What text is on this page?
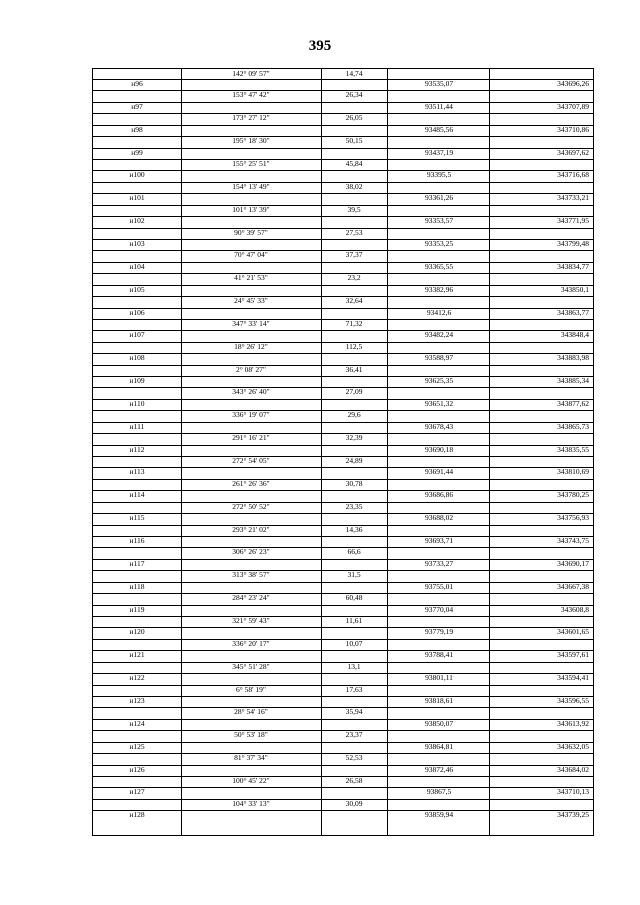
395
142° 09' 57"	14,74
н96	93535,07	343696,26
153° 47' 42"	26,34
н97	93511,44	343707,89
173° 27' 12"	26,05
н98	93485,56	343710,86
195° 18' 30"	50,15
н99	93437,19	343697,62
155° 25' 51"	45,84
н100	93395,5	343716,68
154° 13' 49"	38,02
н101	93361,26	343733,21
101° 13' 39"	39,5
н102	93353,57	343771,95
90° 39' 57"	27,53
н103	93353,25	343799,48
70° 47' 04"	37,37
н104	93365,55	343834,77
41° 21' 53"	23,2
н105	93382,96	343850,1
24° 45' 33"	32,64
н106	93412,6	343863,77
347° 33' 14"	71,32
н107	93482,24	343848,4
18° 26' 12"	112,5
н108	93588,97	343883,98
2° 08' 27"	36,41
н109	93625,35	343885,34
343° 26' 40"	27,09
н110	93651,32	343877,62
336° 19' 07"	29,6
н111	93678,43	343865,73
291° 16' 21"	32,39
н112	93690,18	343835,55
272° 54' 05"	24,89
н113	93691,44	343810,69
261° 26' 36"	30,78
н114	93686,86	343780,25
272° 50' 52"	23,35
н115	93688,02	343756,93
293° 21' 02"	14,36
н116	93693,71	343743,75
306° 26' 23"	66,6
н117	93733,27	343690,17
313° 38' 57"	31,5
н118	93755,01	343667,38
284° 23' 24"	60,48
н119	93770,04	343608,8
321° 59' 43"	11,61
н120	93779,19	343601,65
336° 20' 17"	10,07
н121	93788,41	343597,61
345° 51' 28"	13,1
н122	93801,11	343594,41
6° 58' 19"	17,63
н123	93818,61	343596,55
28° 54' 16"	35,94
н124	93850,07	343613,92
50° 53' 18"	23,37
н125	93864,81	343632,05
81° 37' 34"	52,53
н126	93872,46	343684,02
100° 45' 22"	26,58
н127	93867,5	343710,13
104° 33' 13"	30,09
н128	93859,94	343739,25
